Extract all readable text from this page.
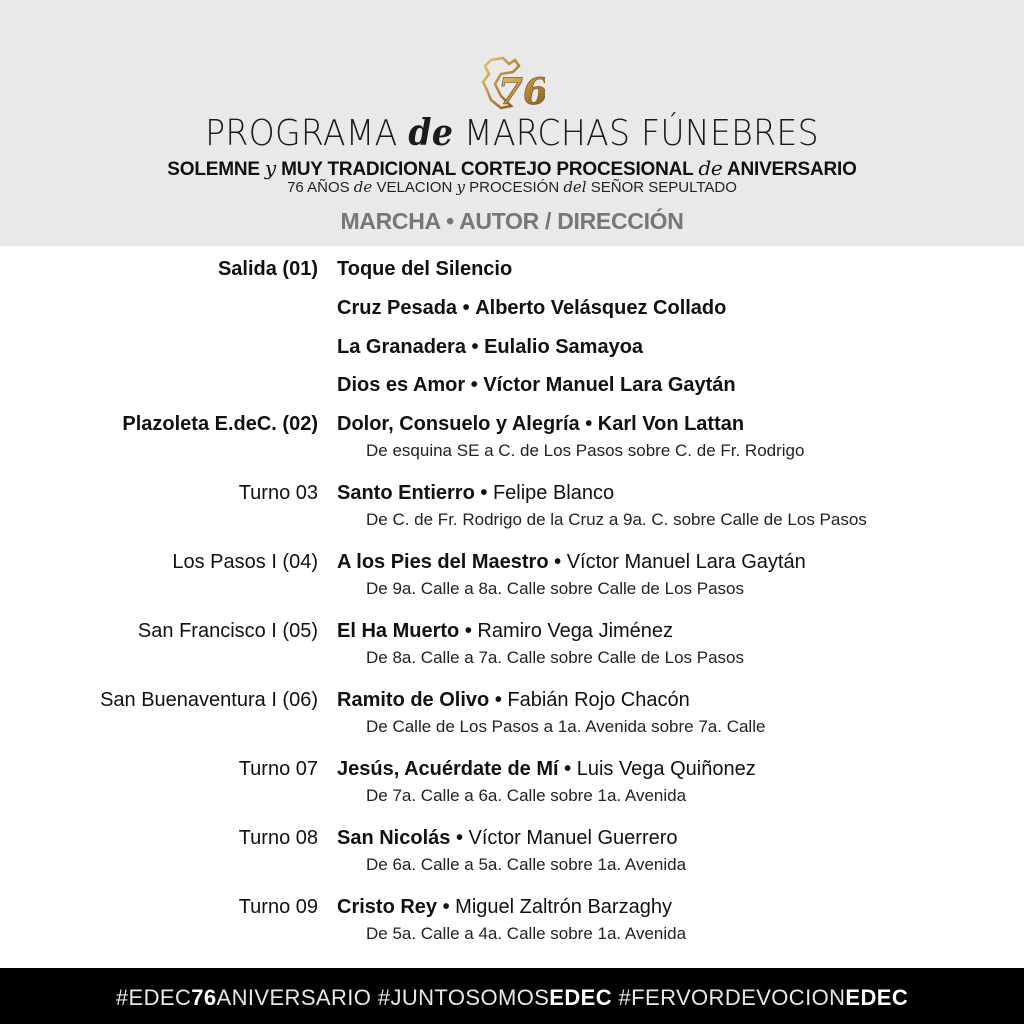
76
PROGRAMA de MARCHAS FÚNEBRES
SOLEMNE y MUY TRADICIONAL CORTEJO PROCESIONAL de ANIVERSARIO
76 AÑOS de VELACION y PROCESIÓN del SEÑOR SEPULTADO
MARCHA • AUTOR / DIRECCIÓN
Salida (01) Toque del Silencio
Cruz Pesada • Alberto Velásquez Collado
La Granadera • Eulalio Samayoa
Dios es Amor • Víctor Manuel Lara Gaytán
Plazoleta E.deC. (02) Dolor, Consuelo y Alegría • Karl Von Lattan
De esquina SE a C. de Los Pasos sobre C. de Fr. Rodrigo
Turno 03 Santo Entierro • Felipe Blanco
De C. de Fr. Rodrigo de la Cruz a 9a. C. sobre Calle de Los Pasos
Los Pasos I (04) A los Pies del Maestro • Víctor Manuel Lara Gaytán
De 9a. Calle a 8a. Calle sobre Calle de Los Pasos
San Francisco I (05) El Ha Muerto • Ramiro Vega Jiménez
De 8a. Calle a 7a. Calle sobre Calle de Los Pasos
San Buenaventura I (06) Ramito de Olivo • Fabián Rojo Chacón
De Calle de Los Pasos a 1a. Avenida sobre 7a. Calle
Turno 07 Jesús, Acuérdate de Mí • Luis Vega Quiñonez
De 7a. Calle a 6a. Calle sobre 1a. Avenida
Turno 08 San Nicolás • Víctor Manuel Guerrero
De 6a. Calle a 5a. Calle sobre 1a. Avenida
Turno 09 Cristo Rey • Miguel Zaltrón Barzaghy
De 5a. Calle a 4a. Calle sobre 1a. Avenida
#EDEC76ANIVERSARIO #JUNTOSOMOSEDEC #FERVORDEVOCIONEDEC
